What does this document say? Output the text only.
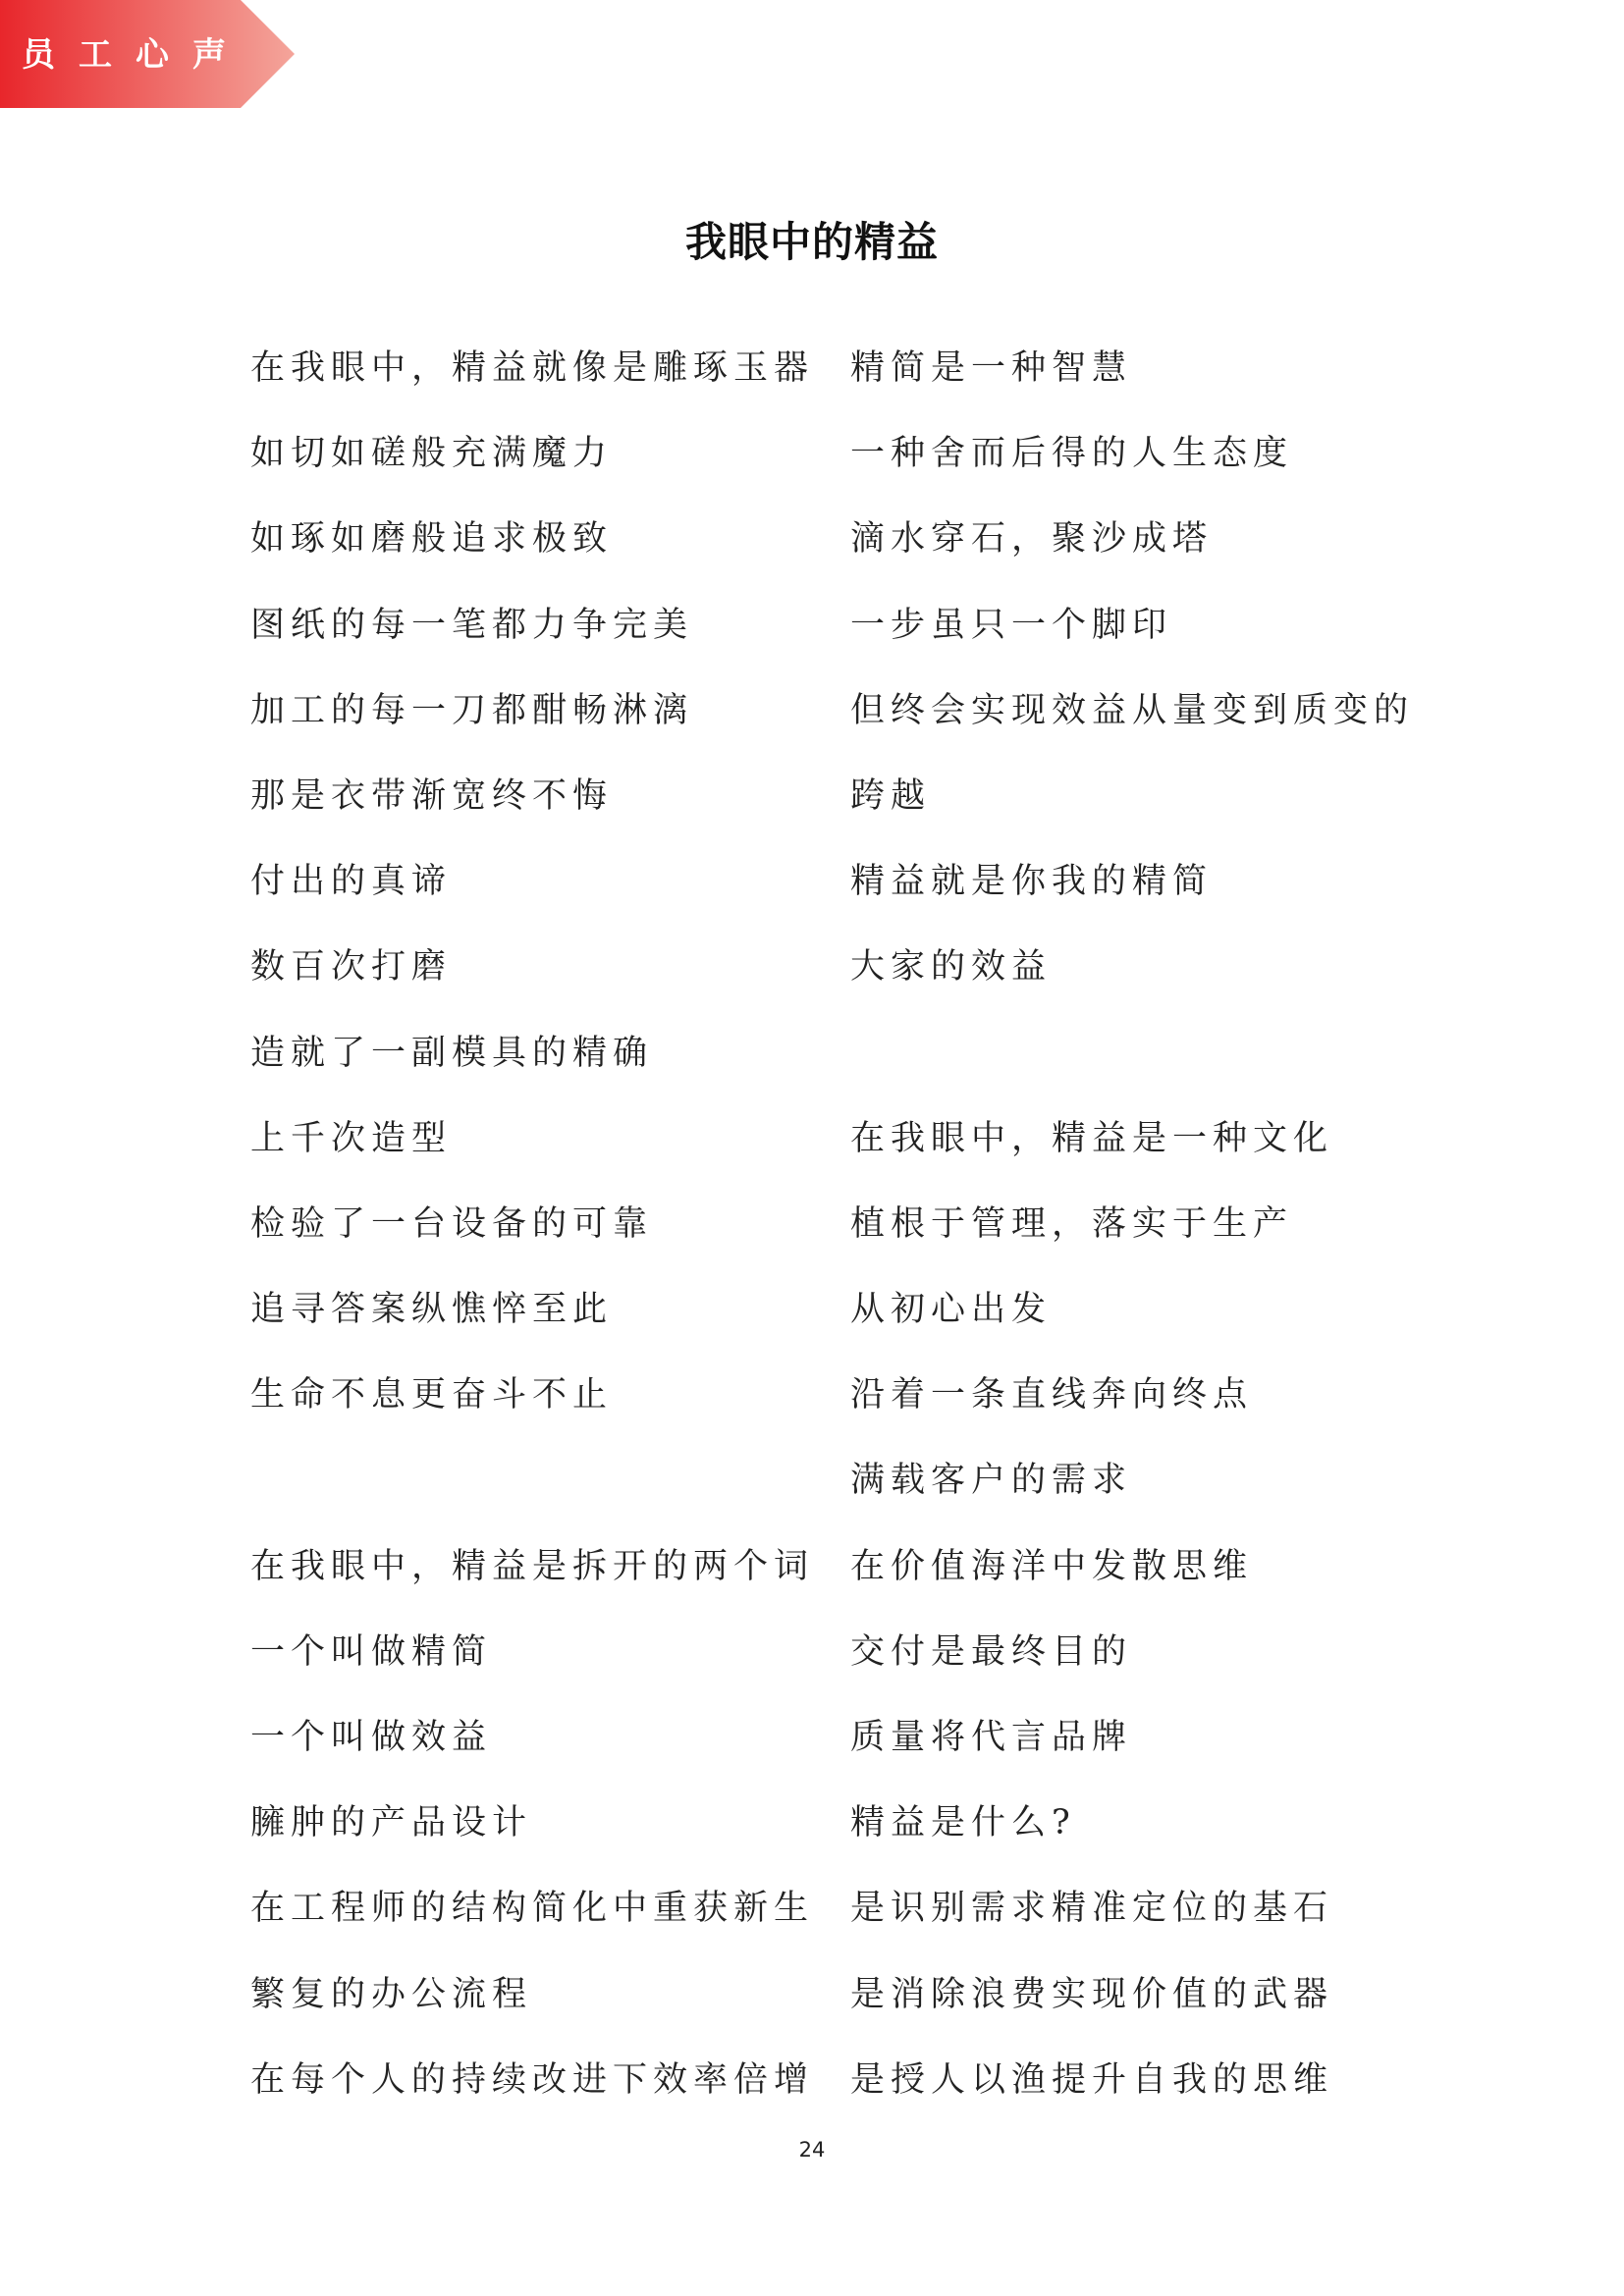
员工心声
我眼中的精益
在我眼中，精益就像是雕琢玉器
如切如磋般充满魔力
如琢如磨般追求极致
图纸的每一笔都力争完美
加工的每一刀都酣畅淋漓
那是衣带渐宽终不悔
付出的真谛
数百次打磨
造就了一副模具的精确
上千次造型
检验了一台设备的可靠
追寻答案纵憔悴至此
生命不息更奋斗不止
在我眼中，精益是拆开的两个词
一个叫做精简
一个叫做效益
臃肿的产品设计
在工程师的结构简化中重获新生
繁复的办公流程
在每个人的持续改进下效率倍增
精简是一种智慧
一种舍而后得的人生态度
滴水穿石，聚沙成塔
一步虽只一个脚印
但终会实现效益从量变到质变的
跨越
精益就是你我的精简
大家的效益
在我眼中，精益是一种文化
植根于管理，落实于生产
从初心出发
沿着一条直线奔向终点
满载客户的需求
在价值海洋中发散思维
交付是最终目的
质量将代言品牌
精益是什么?
是识别需求精准定位的基石
是消除浪费实现价值的武器
是授人以渔提升自我的思维
24
